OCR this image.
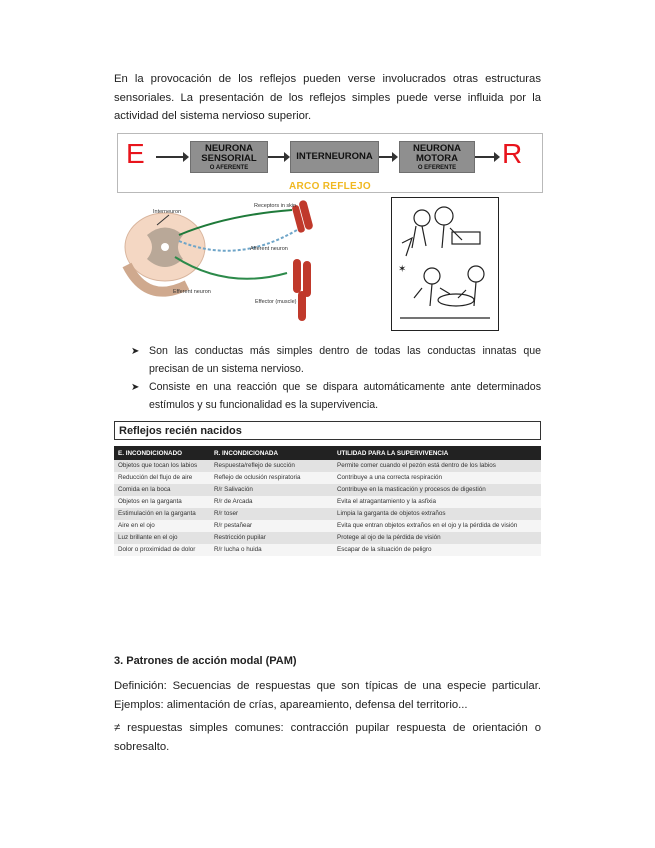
En la provocación de los reflejos pueden verse involucrados otras estructuras sensoriales. La presentación de los reflejos simples puede verse influida por la actividad del sistema nervioso superior.

E	NEURONA SENSORIAL
O AFERENTE
INTERNEURONA
NEURONA MOTORA
O EFERENTE	R
ARCO REFLEJO
Interneuron
Receptors in skin
Afferent neuron
Efferent neuron
Effector (muscle)
✶
➤ Son las conductas más simples dentro de todas las conductas innatas que precisan de un sistema nervioso.
➤ Consiste en una reacción que se dispara automáticamente ante determinados estímulos y su funcionalidad es la supervivencia.
Reflejos recién nacidos
E. INCONDICIONADO	R. INCONDICIONADA	UTILIDAD PARA LA SUPERVIVENCIA
Objetos que tocan los labios	Respuesta/reflejo de succión	Permite comer cuando el pezón está dentro de los labios
Reducción del flujo de aire	Reflejo de oclusión respiratoria	Contribuye a una correcta respiración
Comida en la boca	R/r Salivación	Contribuye en la masticación y procesos de digestión
Objetos en la garganta	R/r de Arcada	Evita el atragantamiento y la asfixia
Estimulación en la garganta	R/r toser	Limpia la garganta de objetos extraños
Aire en el ojo	R/r pestañear	Evita que entran objetos extraños en el ojo y la pérdida de visión
Luz brillante en el ojo	Restricción pupilar	Protege al ojo de la pérdida de visión
Dolor o proximidad de dolor	R/r lucha o huida	Escapar de la situación de peligro
3. Patrones de acción modal (PAM)

Definición: Secuencias de respuestas que son típicas de una especie particular. Ejemplos: alimentación de crías, apareamiento, defensa del territorio...

≠ respuestas simples comunes: contracción pupilar respuesta de orientación o sobresalto.
